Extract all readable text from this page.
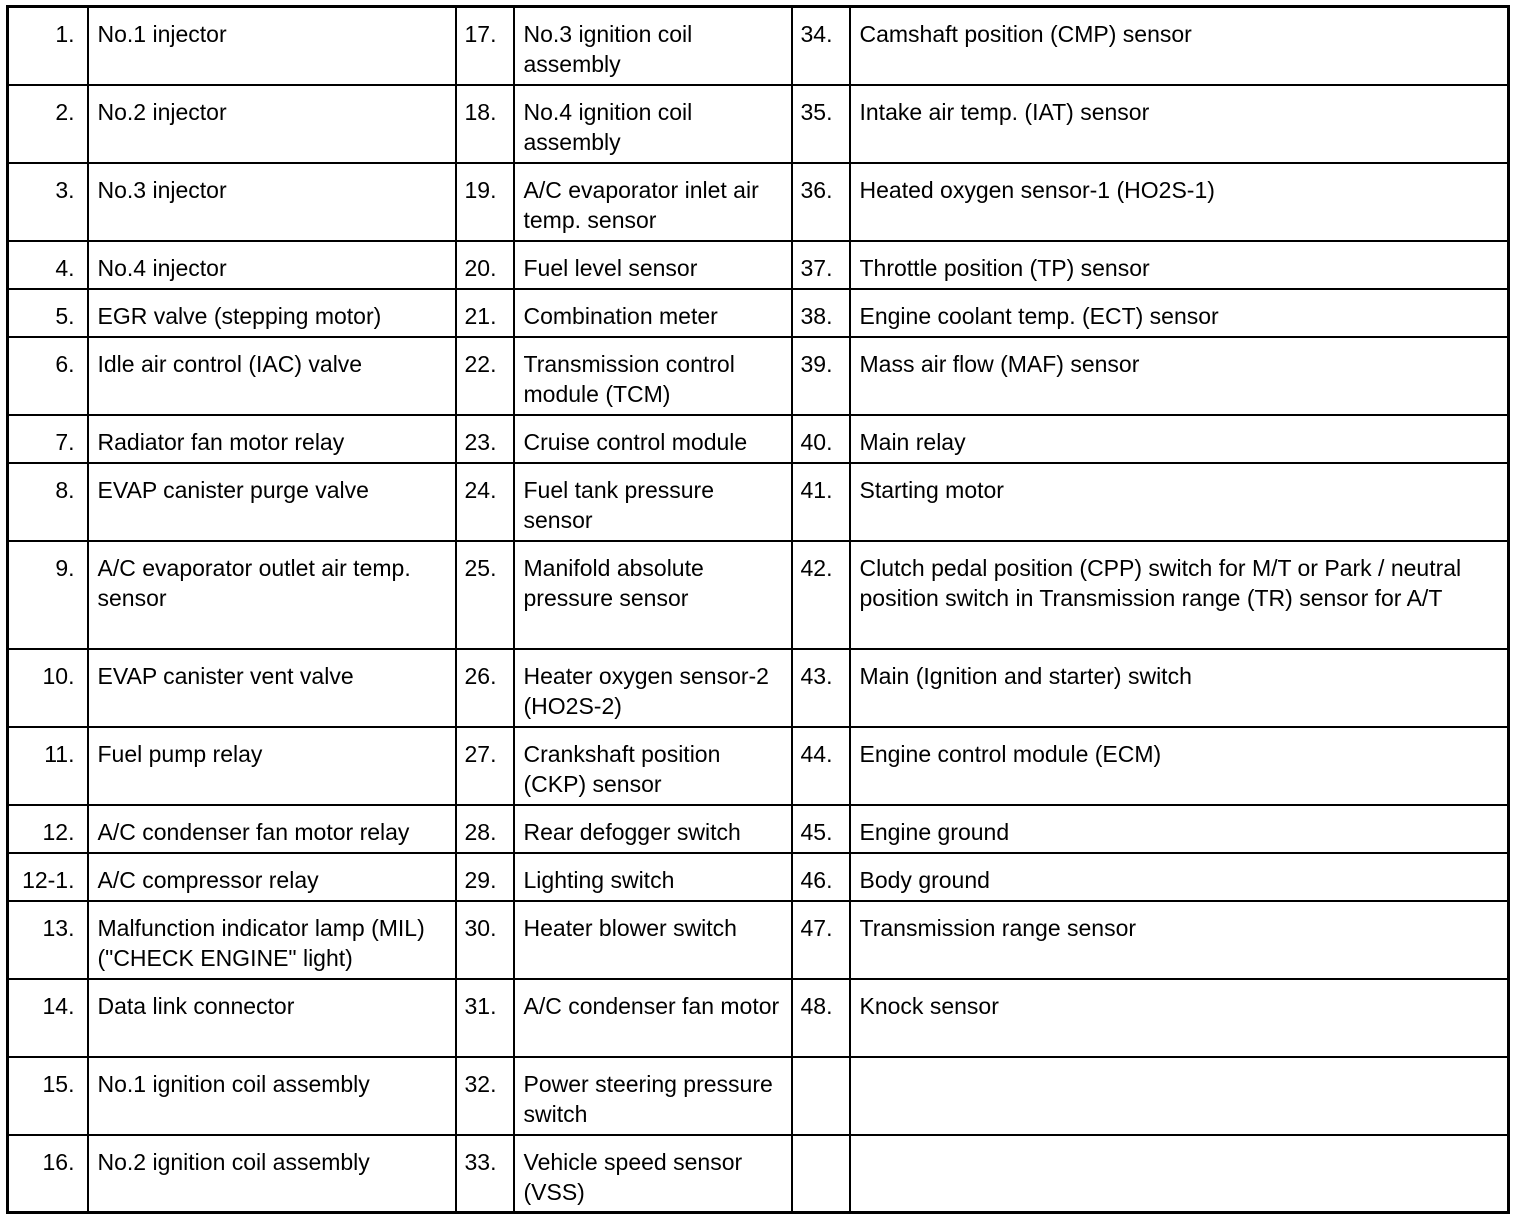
1.	No.1 injector	17.	No.3 ignition coil assembly	34.	Camshaft position (CMP) sensor
2.	No.2 injector	18.	No.4 ignition coil assembly	35.	Intake air temp. (IAT) sensor
3.	No.3 injector	19.	A/C evaporator inlet air temp. sensor	36.	Heated oxygen sensor-1 (HO2S-1)
4.	No.4 injector	20.	Fuel level sensor	37.	Throttle position (TP) sensor
5.	EGR valve (stepping motor)	21.	Combination meter	38.	Engine coolant temp. (ECT) sensor
6.	Idle air control (IAC) valve	22.	Transmission control module (TCM)	39.	Mass air flow (MAF) sensor
7.	Radiator fan motor relay	23.	Cruise control module	40.	Main relay
8.	EVAP canister purge valve	24.	Fuel tank pressure sensor	41.	Starting motor
9.	A/C evaporator outlet air temp. sensor	25.	Manifold absolute pressure sensor	42.	Clutch pedal position (CPP) switch for M/T or Park / neutral position switch in Transmission range (TR) sensor for A/T
10.	EVAP canister vent valve	26.	Heater oxygen sensor-2 (HO2S-2)	43.	Main (Ignition and starter) switch
11.	Fuel pump relay	27.	Crankshaft position (CKP) sensor	44.	Engine control module (ECM)
12.	A/C condenser fan motor relay	28.	Rear defogger switch	45.	Engine ground
12-1.	A/C compressor relay	29.	Lighting switch	46.	Body ground
13.	Malfunction indicator lamp (MIL) ("CHECK ENGINE" light)	30.	Heater blower switch	47.	Transmission range sensor
14.	Data link connector	31.	A/C condenser fan motor	48.	Knock sensor
15.	No.1 ignition coil assembly	32.	Power steering pressure switch		
16.	No.2 ignition coil assembly	33.	Vehicle speed sensor (VSS)		
